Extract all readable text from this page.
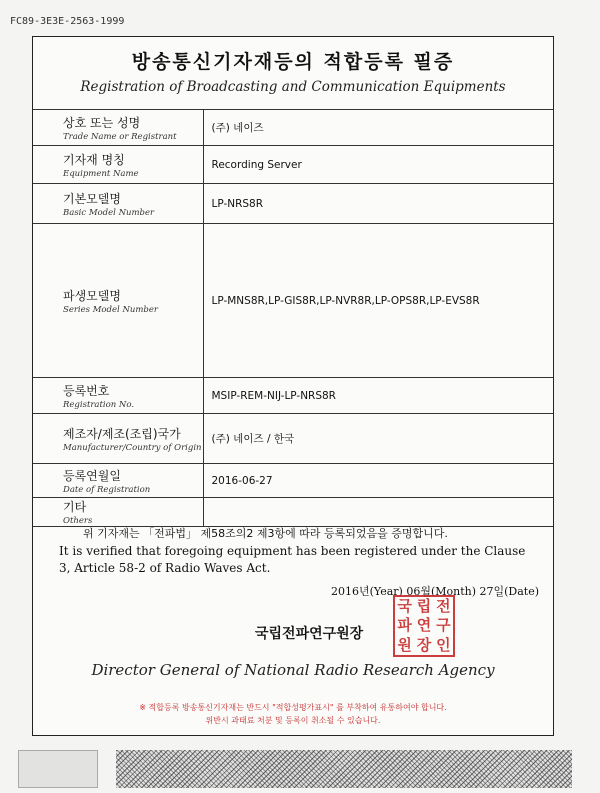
FC89-3E3E-2563-1999
방송통신기자재등의 적합등록 필증
Registration of Broadcasting and Communication Equipments
상호 또는 성명
Trade Name or Registrant	(주) 네이즈

기자재 명칭
Equipment Name	Recording Server

기본모델명
Basic Model Number	LP-NRS8R

파생모델명
Series Model Number	LP-MNS8R,LP-GIS8R,LP-NVR8R,LP-OPS8R,LP-EVS8R

등록번호
Registration No.	MSIP-REM-NIJ-LP-NRS8R

제조자/제조(조립)국가
Manufacturer/Country of Origin	(주) 네이즈 / 한국

등록연월일
Date of Registration	2016-06-27

기타
Others	

위 기자재는 「전파법」 제58조의2 제3항에 따라 등록되었음을 증명합니다.
It is verified that foregoing equipment has been registered under the Clause 3, Article 58-2 of Radio Waves Act.
2016년(Year) 06월(Month) 27일(Date)
국립전파연구원장
국 립 전
파 연 구
원 장 인
Director General of National Radio Research Agency
※ 적합등록 방송통신기자재는 반드시 "적합성평가표시" 를 부착하여 유통하여야 합니다.
위반시 과태료 처분 및 등록이 취소될 수 있습니다.
